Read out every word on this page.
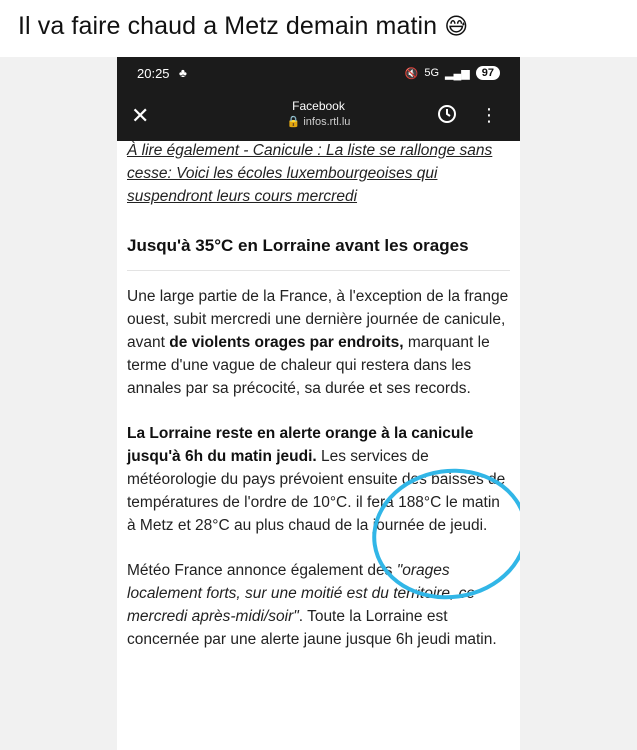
Il va faire chaud a Metz demain matin 😅
20:25 ♣	🔇 5G ▂▄▆	97
✕	Facebook
🔒 infos.rtl.lu	⋮
À lire également - Canicule : La liste se rallonge sans cesse: Voici les écoles luxembourgeoises qui suspendront leurs cours mercredi
Jusqu'à 35°C en Lorraine avant les orages
Une large partie de la France, à l'exception de la frange ouest, subit mercredi une dernière journée de canicule, avant de violents orages par endroits, marquant le terme d'une vague de chaleur qui restera dans les annales par sa précocité, sa durée et ses records.
La Lorraine reste en alerte orange à la canicule jusqu'à 6h du matin jeudi. Les services de météorologie du pays prévoient ensuite des baisses de températures de l'ordre de 10°C. il fera 188°C le matin à Metz et 28°C au plus chaud de la journée de jeudi.
Météo France annonce également des "orages localement forts, sur une moitié est du territoire, ce mercredi après-midi/soir". Toute la Lorraine est concernée par une alerte jaune jusque 6h jeudi matin.
